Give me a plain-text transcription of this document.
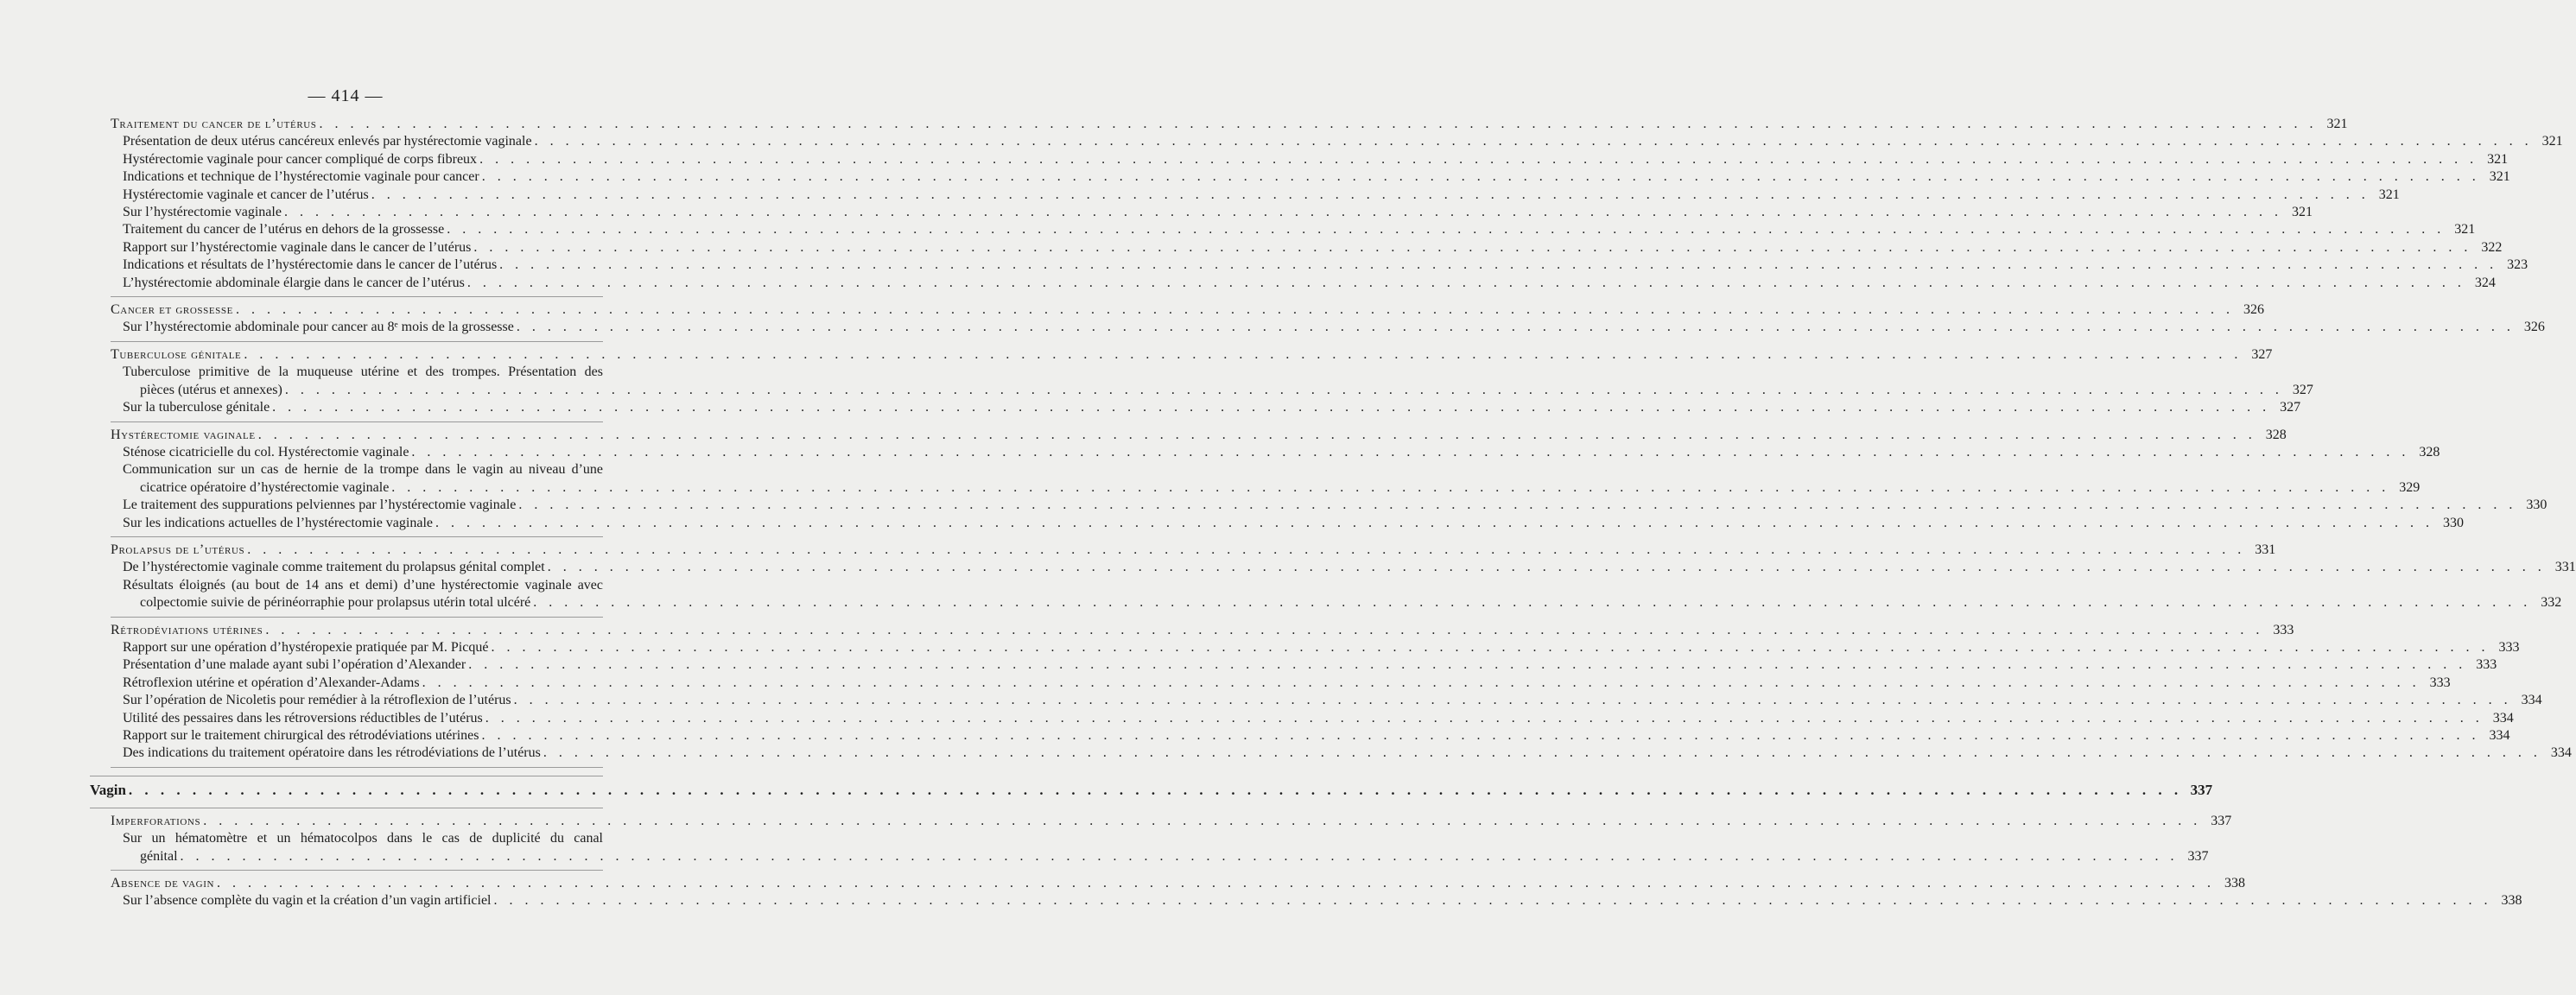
— 414 —
Traitement du cancer de l’utérus . . .	321
Présentation de deux utérus cancéreux enlevés par hystérectomie vaginale . . .	321
Hystérectomie vaginale pour cancer compliqué de corps fibreux . . .	321
Indications et technique de l’hystérectomie vaginale pour cancer . . .	321
Hystérectomie vaginale et cancer de l’utérus . . .	321
Sur l’hystérectomie vaginale . . .	321
Traitement du cancer de l’utérus en dehors de la grossesse . . .	321
Rapport sur l’hystérectomie vaginale dans le cancer de l’utérus . . .	322
Indications et résultats de l’hystérectomie dans le cancer de l’utérus . . .	323
L’hystérectomie abdominale élargie dans le cancer de l’utérus . . .	324
Cancer et grossesse . . .	326
Sur l’hystérectomie abdominale pour cancer au 8ᵉ mois de la grossesse . . .	326
Tuberculose génitale . . .	327
Tuberculose primitive de la muqueuse utérine et des trompes. Présentation des
pièces (utérus et annexes) . . .	327
Sur la tuberculose génitale . . .	327
Hystérectomie vaginale . . .	328
Sténose cicatricielle du col. Hystérectomie vaginale . . .	328
Communication sur un cas de hernie de la trompe dans le vagin au niveau d’une
cicatrice opératoire d’hystérectomie vaginale . . .	329
Le traitement des suppurations pelviennes par l’hystérectomie vaginale . . .	330
Sur les indications actuelles de l’hystérectomie vaginale . . .	330
Prolapsus de l’utérus . . .	331
De l’hystérectomie vaginale comme traitement du prolapsus génital complet . . .	331
Résultats éloignés (au bout de 14 ans et demi) d’une hystérectomie vaginale avec
colpectomie suivie de périnéorraphie pour prolapsus utérin total ulcéré . . .	332
Rétrodéviations utérines . . .	333
Rapport sur une opération d’hystéropexie pratiquée par M. Picqué . . .	333
Présentation d’une malade ayant subi l’opération d’Alexander . . .	333
Rétroflexion utérine et opération d’Alexander-Adams . . .	333
Sur l’opération de Nicoletis pour remédier à la rétroflexion de l’utérus . . .	334
Utilité des pessaires dans les rétroversions réductibles de l’utérus . . .	334
Rapport sur le traitement chirurgical des rétrodéviations utérines . . .	334
Des indications du traitement opératoire dans les rétrodéviations de l’utérus . . .	334
Vagin . . .	337
Imperforations . . .	337
Sur un hématomètre et un hématocolpos dans le cas de duplicité du canal
génital . . .	337
Absence de vagin . . .	338
Sur l’absence complète du vagin et la création d’un vagin artificiel . . .	338
